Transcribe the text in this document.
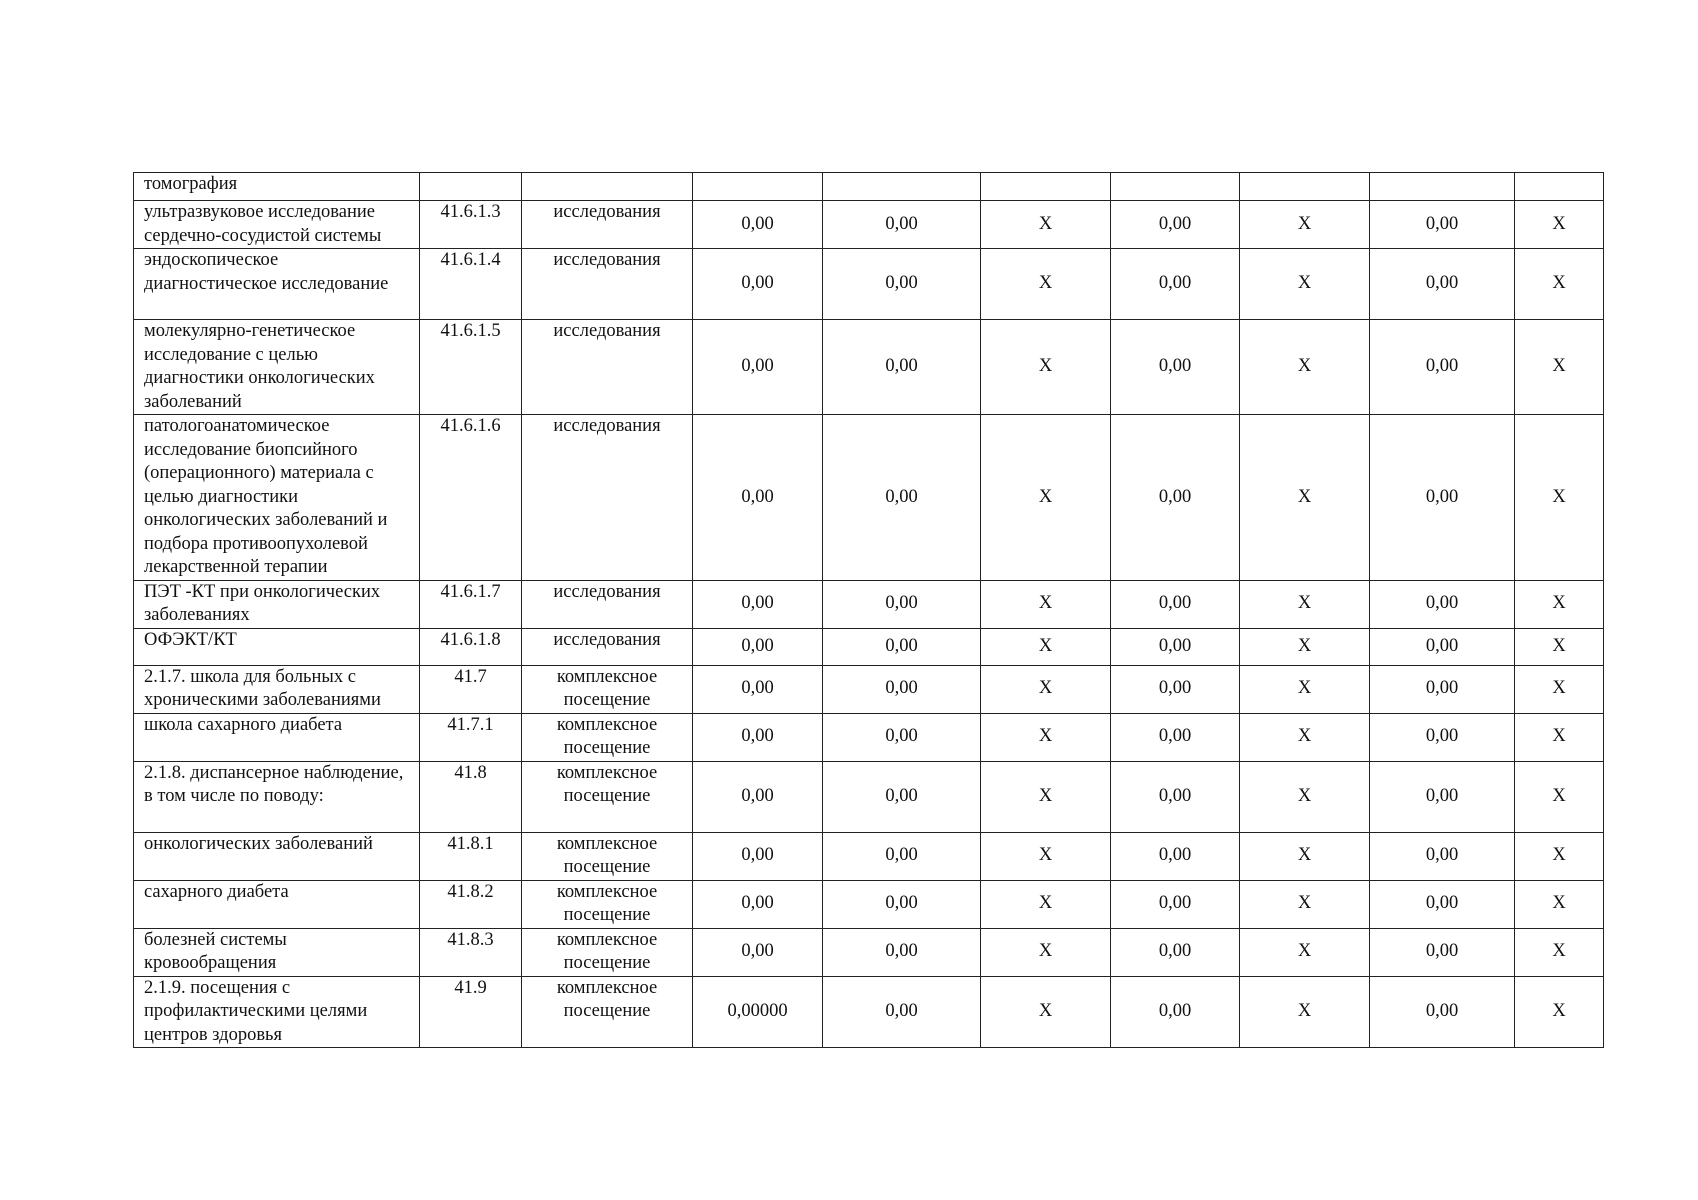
томография									
ультразвуковое исследование сердечно-сосудистой системы	41.6.1.3	исследования	0,00	0,00	X	0,00	X	0,00	X
эндоскопическое диагностическое исследование	41.6.1.4	исследования	0,00	0,00	X	0,00	X	0,00	X
молекулярно-генетическое исследование с целью диагностики онкологических заболеваний	41.6.1.5	исследования	0,00	0,00	X	0,00	X	0,00	X
патологоанатомическое исследование биопсийного (операционного) материала с целью диагностики онкологических заболеваний и подбора противоопухолевой лекарственной терапии	41.6.1.6	исследования	0,00	0,00	X	0,00	X	0,00	X
ПЭТ -КТ при онкологических заболеваниях	41.6.1.7	исследования	0,00	0,00	X	0,00	X	0,00	X
ОФЭКТ/КТ	41.6.1.8	исследования	0,00	0,00	X	0,00	X	0,00	X
2.1.7. школа для больных с хроническими заболеваниями	41.7	комплексное посещение	0,00	0,00	X	0,00	X	0,00	X
школа сахарного диабета	41.7.1	комплексное посещение	0,00	0,00	X	0,00	X	0,00	X
2.1.8. диспансерное наблюдение, в том числе по поводу:	41.8	комплексное посещение	0,00	0,00	X	0,00	X	0,00	X
онкологических заболеваний	41.8.1	комплексное посещение	0,00	0,00	X	0,00	X	0,00	X
сахарного диабета	41.8.2	комплексное посещение	0,00	0,00	X	0,00	X	0,00	X
болезней системы кровообращения	41.8.3	комплексное посещение	0,00	0,00	X	0,00	X	0,00	X
2.1.9. посещения с профилактическими целями центров здоровья	41.9	комплексное посещение	0,00000	0,00	X	0,00	X	0,00	X
